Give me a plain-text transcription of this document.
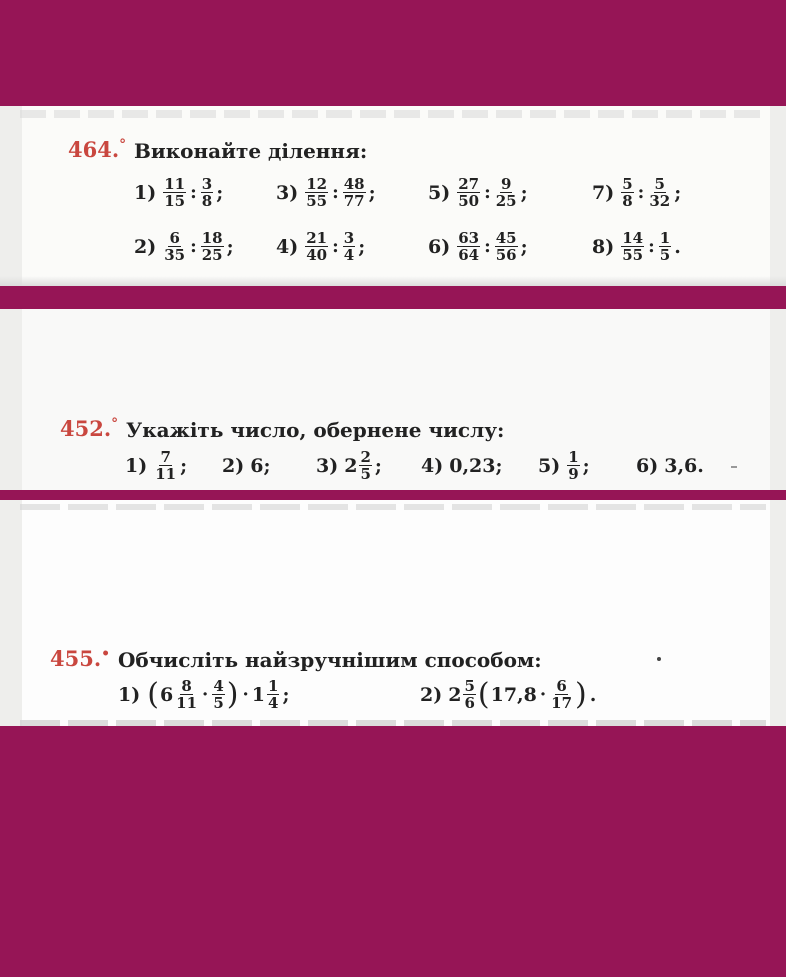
464.° Виконайте ділення:
$1) \frac{11}{15}$ : $\frac{3}{8}$ ;	$3) \frac{12}{55}$ : $\frac{48}{77}$ ;	$5) \frac{27}{50}$ : $\frac{9}{25}$ ;	$7) \frac{5}{8}$ : $\frac{5}{32}$ ;
$2) \frac{6}{35}$ : $\frac{18}{25}$ ; $4) \frac{21}{40}$ : $\frac{3}{4}$ ;	$6) \frac{63}{64}$ : $\frac{45}{56}$ ;	$8) \frac{14}{55}$ : $\frac{1}{5}$ .
452.° Укажіть число, обернене числу:
$1) \frac{7}{11}$ ; 2) 6; 3) $2 \frac{2}{5}$ ; 4) 0,23; $5) \frac{1}{9}$ ; 6) 3,6.
455.• Обчисліть найзручнішим способом:
1) ( $6 \frac{8}{11} \cdot \frac{4}{5}$ ) · $1 \frac{1}{4}$ ;	2) $2 \frac{5}{6}$ ( $17,8 \cdot \frac{6}{17}$ ) .
